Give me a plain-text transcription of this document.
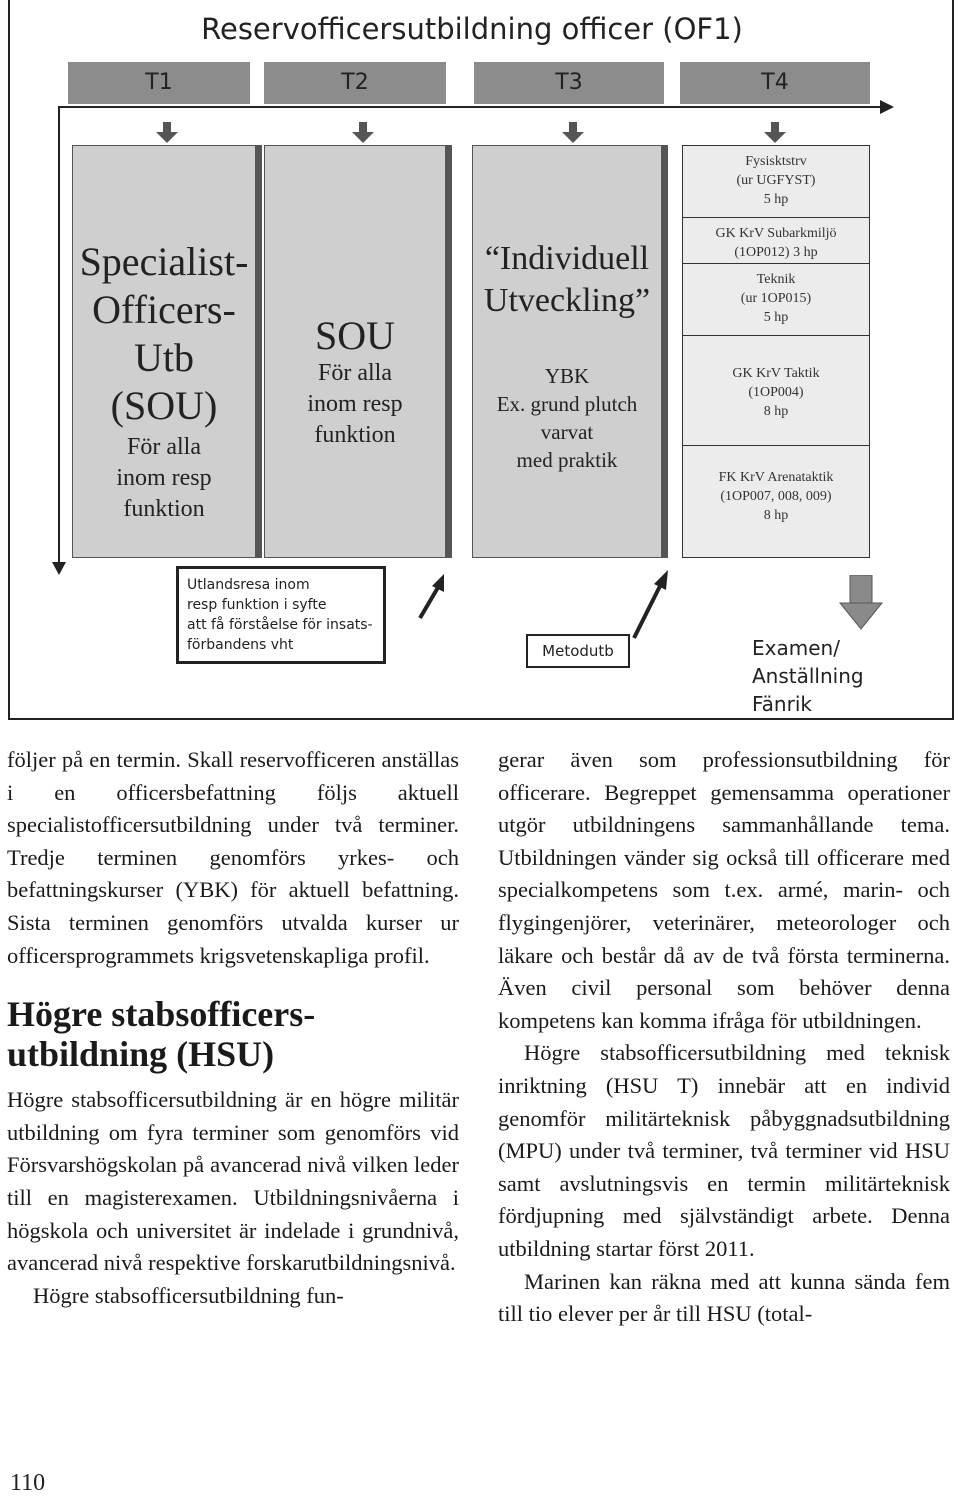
Reservofficersutbildning officer (OF1)
T1	T2	T3	T4
Specialist-
Officers-
Utb
(SOU)
För alla
inom resp
funktion
SOU
För alla
inom resp
funktion
“Individuell
Utveckling”
YBK
Ex. grund plutch
varvat
med praktik
Fysisktstrv
(ur UGFYST)
5 hp
GK KrV Subarkmiljö
(1OP012) 3 hp
Teknik
(ur 1OP015)
5 hp
GK KrV Taktik
(1OP004)
8 hp
FK KrV Arenataktik
(1OP007, 008, 009)
8 hp
Utlandsresa inom
resp funktion i syfte
att få förståelse för insats-
förbandens vht	Metodutb	Examen/
Anställning
Fänrik

följer på en termin. Skall reservofficeren anställas i en officersbefattning följs aktuell specialistofficersutbildning under två terminer. Tredje terminen genomförs yrkes- och befattningskurser (YBK) för aktuell befattning. Sista terminen genomförs utvalda kurser ur officersprogrammets krigsvetenskapliga profil.

Högre stabsofficers-
utbildning (HSU)

Högre stabsofficersutbildning är en högre militär utbildning om fyra terminer som genomförs vid Försvarshögskolan på avancerad nivå vilken leder till en magisterexamen. Utbildningsnivåerna i högskola och universitet är indelade i grundnivå, avancerad nivå respektive forskarutbildningsnivå.

Högre stabsofficersutbildning fun-

gerar även som professionsutbildning för officerare. Begreppet gemensamma operationer utgör utbildningens sammanhållande tema. Utbildningen vänder sig också till officerare med specialkompetens som t.ex. armé, marin- och flygingenjörer, veterinärer, meteorologer och läkare och består då av de två första terminerna. Även civil personal som behöver denna kompetens kan komma ifråga för utbildningen.

Högre stabsofficersutbildning med teknisk inriktning (HSU T) innebär att en individ genomför militärteknisk påbyggnadsutbildning (MPU) under två terminer, två terminer vid HSU samt avslutningsvis en termin militärteknisk fördjupning med självständigt arbete. Denna utbildning startar först 2011.

Marinen kan räkna med att kunna sända fem till tio elever per år till HSU (total-

110
